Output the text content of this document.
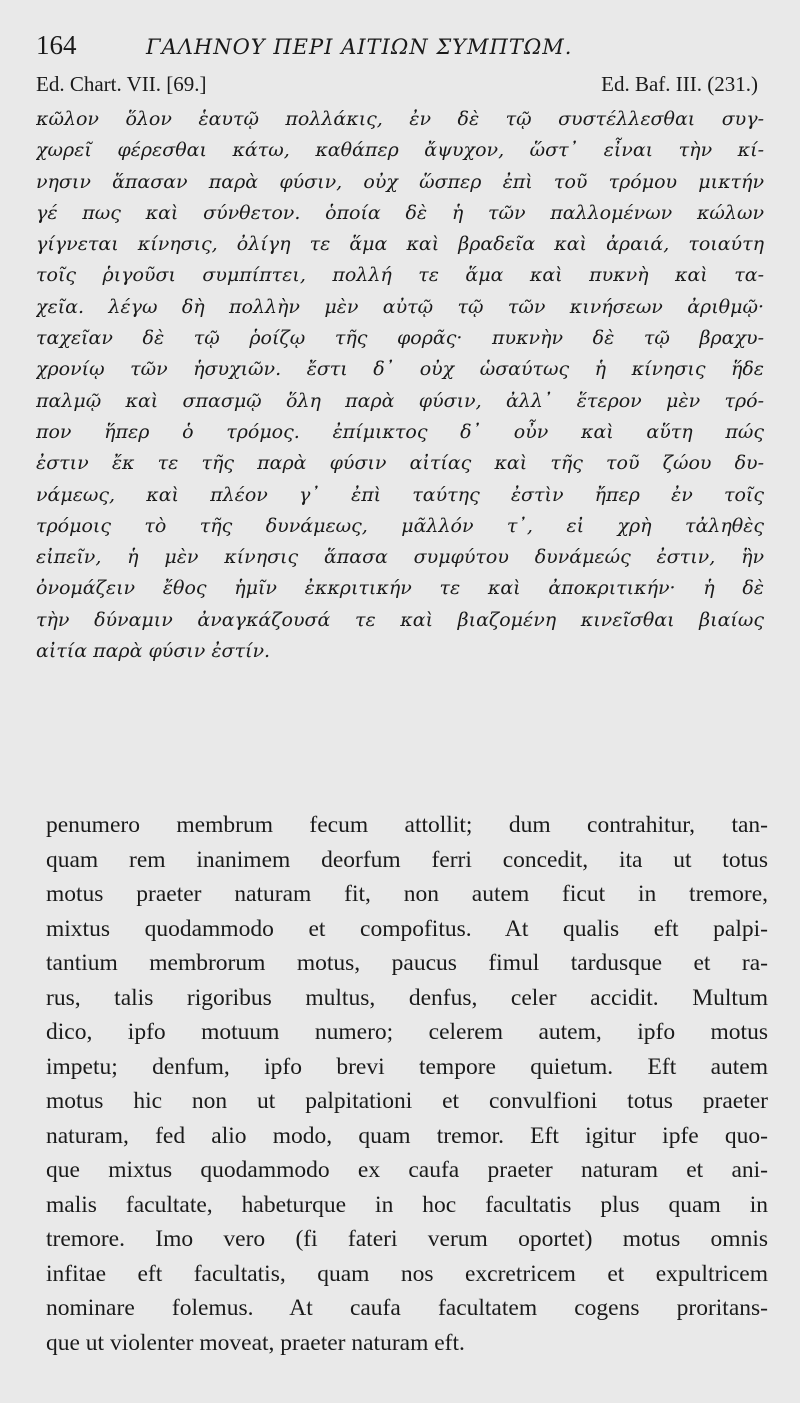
164	ΓΑΛΗΝΟΥ ΠΕΡΙ ΑΙΤΙΩΝ ΣΥΜΠΤΩΜ.
Ed. Chart. VII. [69.]	Ed. Baf. III. (231.)
κῶλον ὅλον ἑαυτῷ πολλάκις, ἐν δὲ τῷ συστέλλεσθαι συγ-
χωρεῖ φέρεσθαι κάτω, καθάπερ ἄψυχον, ὥστ᾽ εἶναι τὴν κί-
νησιν ἅπασαν παρὰ φύσιν, οὐχ ὥσπερ ἐπὶ τοῦ τρόμου μικτήν
γέ πως καὶ σύνθετον. ὁποία δὲ ἡ τῶν παλλομένων κώλων
γίγνεται κίνησις, ὀλίγη τε ἅμα καὶ βραδεῖα καὶ ἀραιά, τοιαύτη
τοῖς ῥιγοῦσι συμπίπτει, πολλή τε ἅμα καὶ πυκνὴ καὶ τα-
χεῖα. λέγω δὴ πολλὴν μὲν αὐτῷ τῷ τῶν κινήσεων ἀριθμῷ·
ταχεῖαν δὲ τῷ ῥοίζῳ τῆς φορᾶς· πυκνὴν δὲ τῷ βραχυ-
χρονίῳ τῶν ἡσυχιῶν. ἔστι δ᾽ οὐχ ὡσαύτως ἡ κίνησις ἥδε
παλμῷ καὶ σπασμῷ ὅλη παρὰ φύσιν, ἀλλ᾽ ἕτερον μὲν τρό-
πον ἥπερ ὁ τρόμος. ἐπίμικτος δ᾽ οὖν καὶ αὕτη πώς
ἐστιν ἔκ τε τῆς παρὰ φύσιν αἰτίας καὶ τῆς τοῦ ζώου δυ-
νάμεως, καὶ πλέον γ᾽ ἐπὶ ταύτης ἐστὶν ἤπερ ἐν τοῖς
τρόμοις τὸ τῆς δυνάμεως, μᾶλλόν τ᾽, εἰ χρὴ τἀληθὲς
εἰπεῖν, ἡ μὲν κίνησις ἅπασα συμφύτου δυνάμεώς ἐστιν, ἣν
ὀνομάζειν ἔθος ἡμῖν ἐκκριτικήν τε καὶ ἀποκριτικήν· ἡ δὲ
τὴν δύναμιν ἀναγκάζουσά τε καὶ βιαζομένη κινεῖσθαι βιαίως
αἰτία παρὰ φύσιν ἐστίν.
penumero membrum fecum attollit; dum contrahitur, tan-
quam rem inanimem deorfum ferri concedit, ita ut totus
motus praeter naturam fit, non autem ficut in tremore,
mixtus quodammodo et compofitus. At qualis eft palpi-
tantium membrorum motus, paucus fimul tardusque et ra-
rus, talis rigoribus multus, denfus, celer accidit. Multum
dico, ipfo motuum numero; celerem autem, ipfo motus
impetu; denfum, ipfo brevi tempore quietum. Eft autem
motus hic non ut palpitationi et convulfioni totus praeter
naturam, fed alio modo, quam tremor. Eft igitur ipfe quo-
que mixtus quodammodo ex caufa praeter naturam et ani-
malis facultate, habeturque in hoc facultatis plus quam in
tremore. Imo vero (fi fateri verum oportet) motus omnis
infitae eft facultatis, quam nos excretricem et expultricem
nominare folemus. At caufa facultatem cogens proritans-
que ut violenter moveat, praeter naturam eft.
